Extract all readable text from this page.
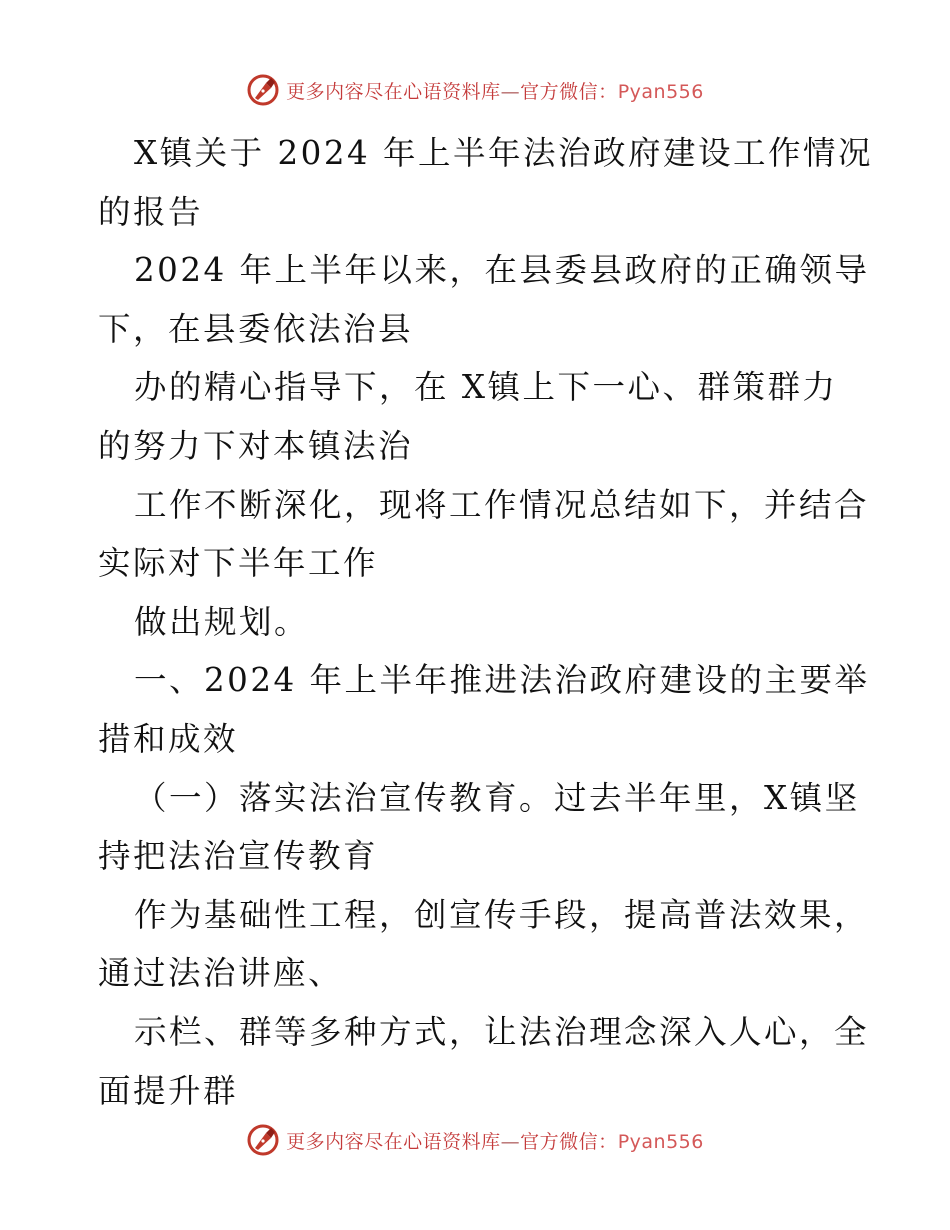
更多内容尽在心语资料库—官方微信：Pyan556

X镇关于 2024 年上半年法治政府建设工作情况

的报告

2024 年上半年以来，在县委县政府的正确领导

下，在县委依法治县

办的精心指导下，在 X镇上下一心、群策群力

的努力下对本镇法治

工作不断深化，现将工作情况总结如下，并结合

实际对下半年工作

做出规划。

一、2024 年上半年推进法治政府建设的主要举

措和成效

（一）落实法治宣传教育。过去半年里，X镇坚

持把法治宣传教育

作为基础性工程，创宣传手段，提高普法效果，

通过法治讲座、

示栏、群等多种方式，让法治理念深入人心，全

面提升群

更多内容尽在心语资料库—官方微信：Pyan556
